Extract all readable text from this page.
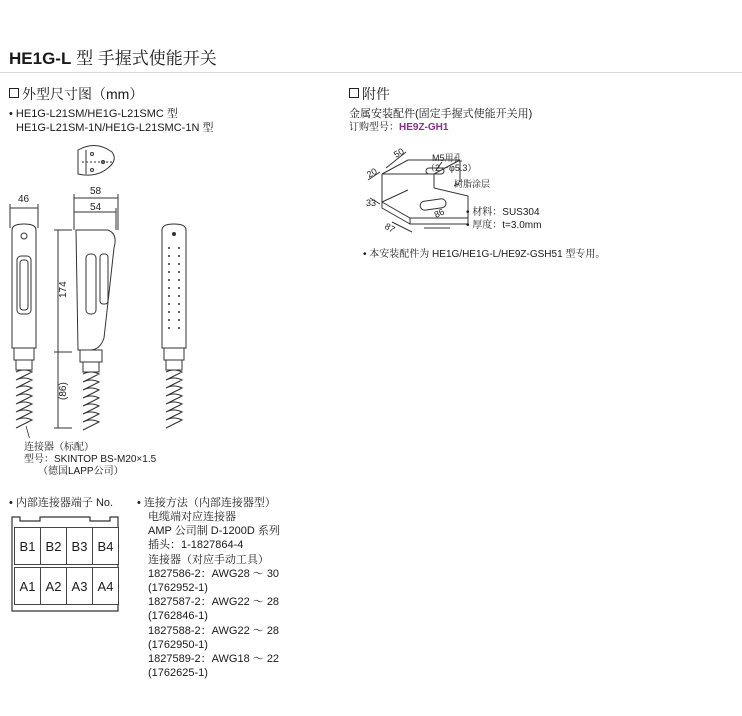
HE1G-L 型 手握式使能开关
外型尺寸图（mm）
• HE1G-L21SM/HE1G-L21SMC 型
HE1G-L21SM-1N/HE1G-L21SMC-1N 型
46
58
54
174
(86)
连接器（标配）
型号：SKINTOP BS-M20×1.5
（德国LAPP公司）
附件
金属安装配件(固定手握式使能开关用)
订购型号：HE9Z-GH1
50
20
33
86
87
M5用孔
（2－φ5.3）
树脂涂层
• 材料：SUS304
• 厚度：t=3.0mm
• 本安装配件为 HE1G/HE1G-L/HE9Z-GSH51 型专用。
• 内部连接器端子 No.
B1 B2 B3 B4
A1 A2 A3 A4
• 连接方法（内部连接器型）
电缆端对应连接器
AMP 公司制 D-1200D 系列
插头：1-1827864-4
连接器（对应手动工具）
1827586-2：AWG28 ～ 30
(1762952-1)
1827587-2：AWG22 ～ 28
(1762846-1)
1827588-2：AWG22 ～ 28
(1762950-1)
1827589-2：AWG18 ～ 22
(1762625-1)
